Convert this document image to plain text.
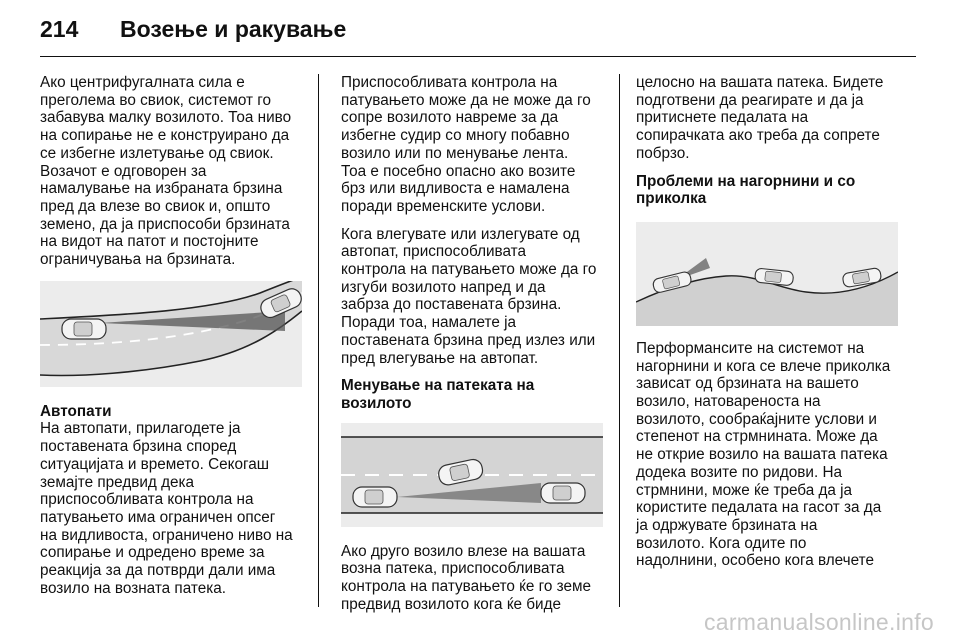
214	Возење и ракување

Ако центрифугалната сила е
преголема во свиок, системот го
забавува малку возилото. Тоа ниво
на сопирање не е конструирано да
се избегне излетување од свиок.
Возачот е одговорен за
намалување на избраната брзина
пред да влезе во свиок и, општо
земено, да ја приспособи брзината
на видот на патот и постојните
ограничувања на брзината.

Автопати

На автопати, прилагодете ја
поставената брзина според
ситуацијата и времето. Секогаш
земајте предвид дека
приспособливата контрола на
патувањето има ограничен опсег
на видливоста, ограничено ниво на
сопирање и одредено време за
реакција за да потврди дали има
возило на возната патека.

Приспособливата контрола на
патувањето може да не може да го
сопре возилото навреме за да
избегне судир со многу побавно
возило или по менување лента.
Тоа е посебно опасно ако возите
брз или видливоста е намалена
поради временските услови.

Кога влегувате или излегувате од
автопат, приспособливата
контрола на патувањето може да го
изгуби возилото напред и да
забрза до поставената брзина.
Поради тоа, намалете ја
поставената брзина пред излез или
пред влегување на автопат.

Менување на патеката на возилото

Ако друго возило влезе на вашата
возна патека, приспособливата
контрола на патувањето ќе го земе
предвид возилото кога ќе биде

целосно на вашата патека. Бидете
подготвени да реагирате и да ја
притиснете педалата на
сопирачката ако треба да сопрете
побрзо.

Проблеми на нагорнини и со
приколка

Перформансите на системот на
нагорнини и кога се влече приколка
зависат од брзината на вашето
возило, натовареноста на
возилото, сообраќајните услови и
степенот на стрмнината. Може да
не открие возило на вашата патека
додека возите по ридови. На
стрмнини, може ќе треба да ја
користите педалата на гасот за да
ја одржувате брзината на
возилото. Кога одите по
надолнини, особено кога влечете

carmanualsonline.info
